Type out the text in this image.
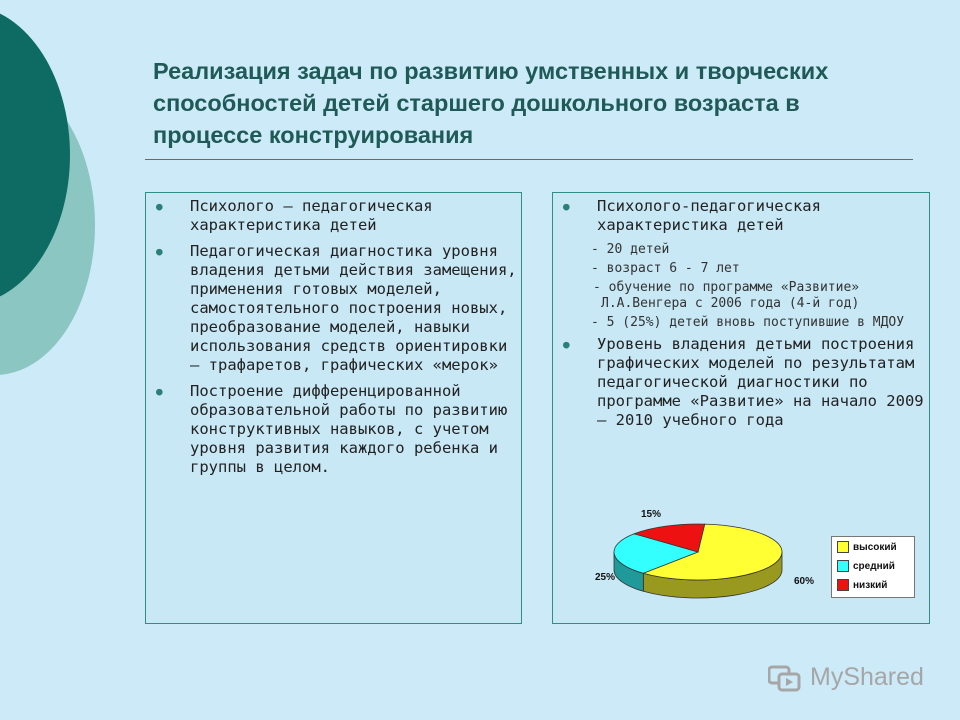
Реализация задач по развитию умственных и творческих способностей детей старшего дошкольного возраста в процессе конструирования
● Психолого – педагогическая характеристика детей
● Педагогическая диагностика уровня владения детьми действия замещения, применения готовых моделей, самостоятельного построения новых, преобразование моделей, навыки использования средств ориентировки – трафаретов, графических «мерок»
● Построение дифференцированной образовательной работы по развитию конструктивных навыков, с учетом уровня развития каждого ребенка и группы в целом.
● Психолого-педагогическая характеристика детей
- 20 детей
- возраст 6 - 7 лет
- обучение по программе «Развитие» Л.А.Венгера с 2006 года (4-й год)
- 5 (25%) детей вновь поступившие в МДОУ
● Уровень владения детьми построения графических моделей по результатам педагогической диагностики по программе «Развитие» на начало 2009 – 2010 учебного года
60%
25%
15%
высокий
средний
низкий
MyShared
